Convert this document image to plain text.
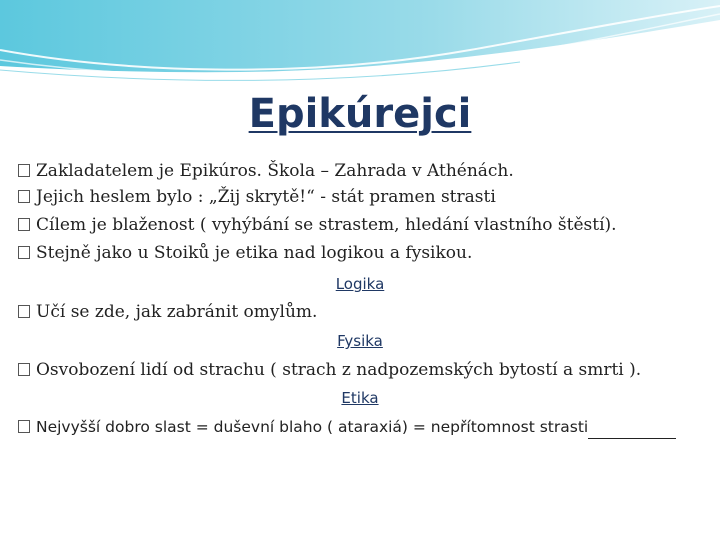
Epikúrejci
Zakladatelem je Epikúros. Škola – Zahrada v Athénách.
Jejich heslem bylo : „Žij skrytě!“ - stát pramen strasti
Cílem je blaženost ( vyhýbání se strastem, hledání vlastního štěstí).
Stejně jako u Stoiků je etika nad logikou a fysikou.
Logika
Učí se zde, jak zabránit omylům.
Fysika
Osvobození lidí od strachu ( strach z nadpozemských bytostí a smrti ).
Etika
Nejvyšší dobro slast = duševní blaho ( ataraxiá) = nepřítomnost strasti
